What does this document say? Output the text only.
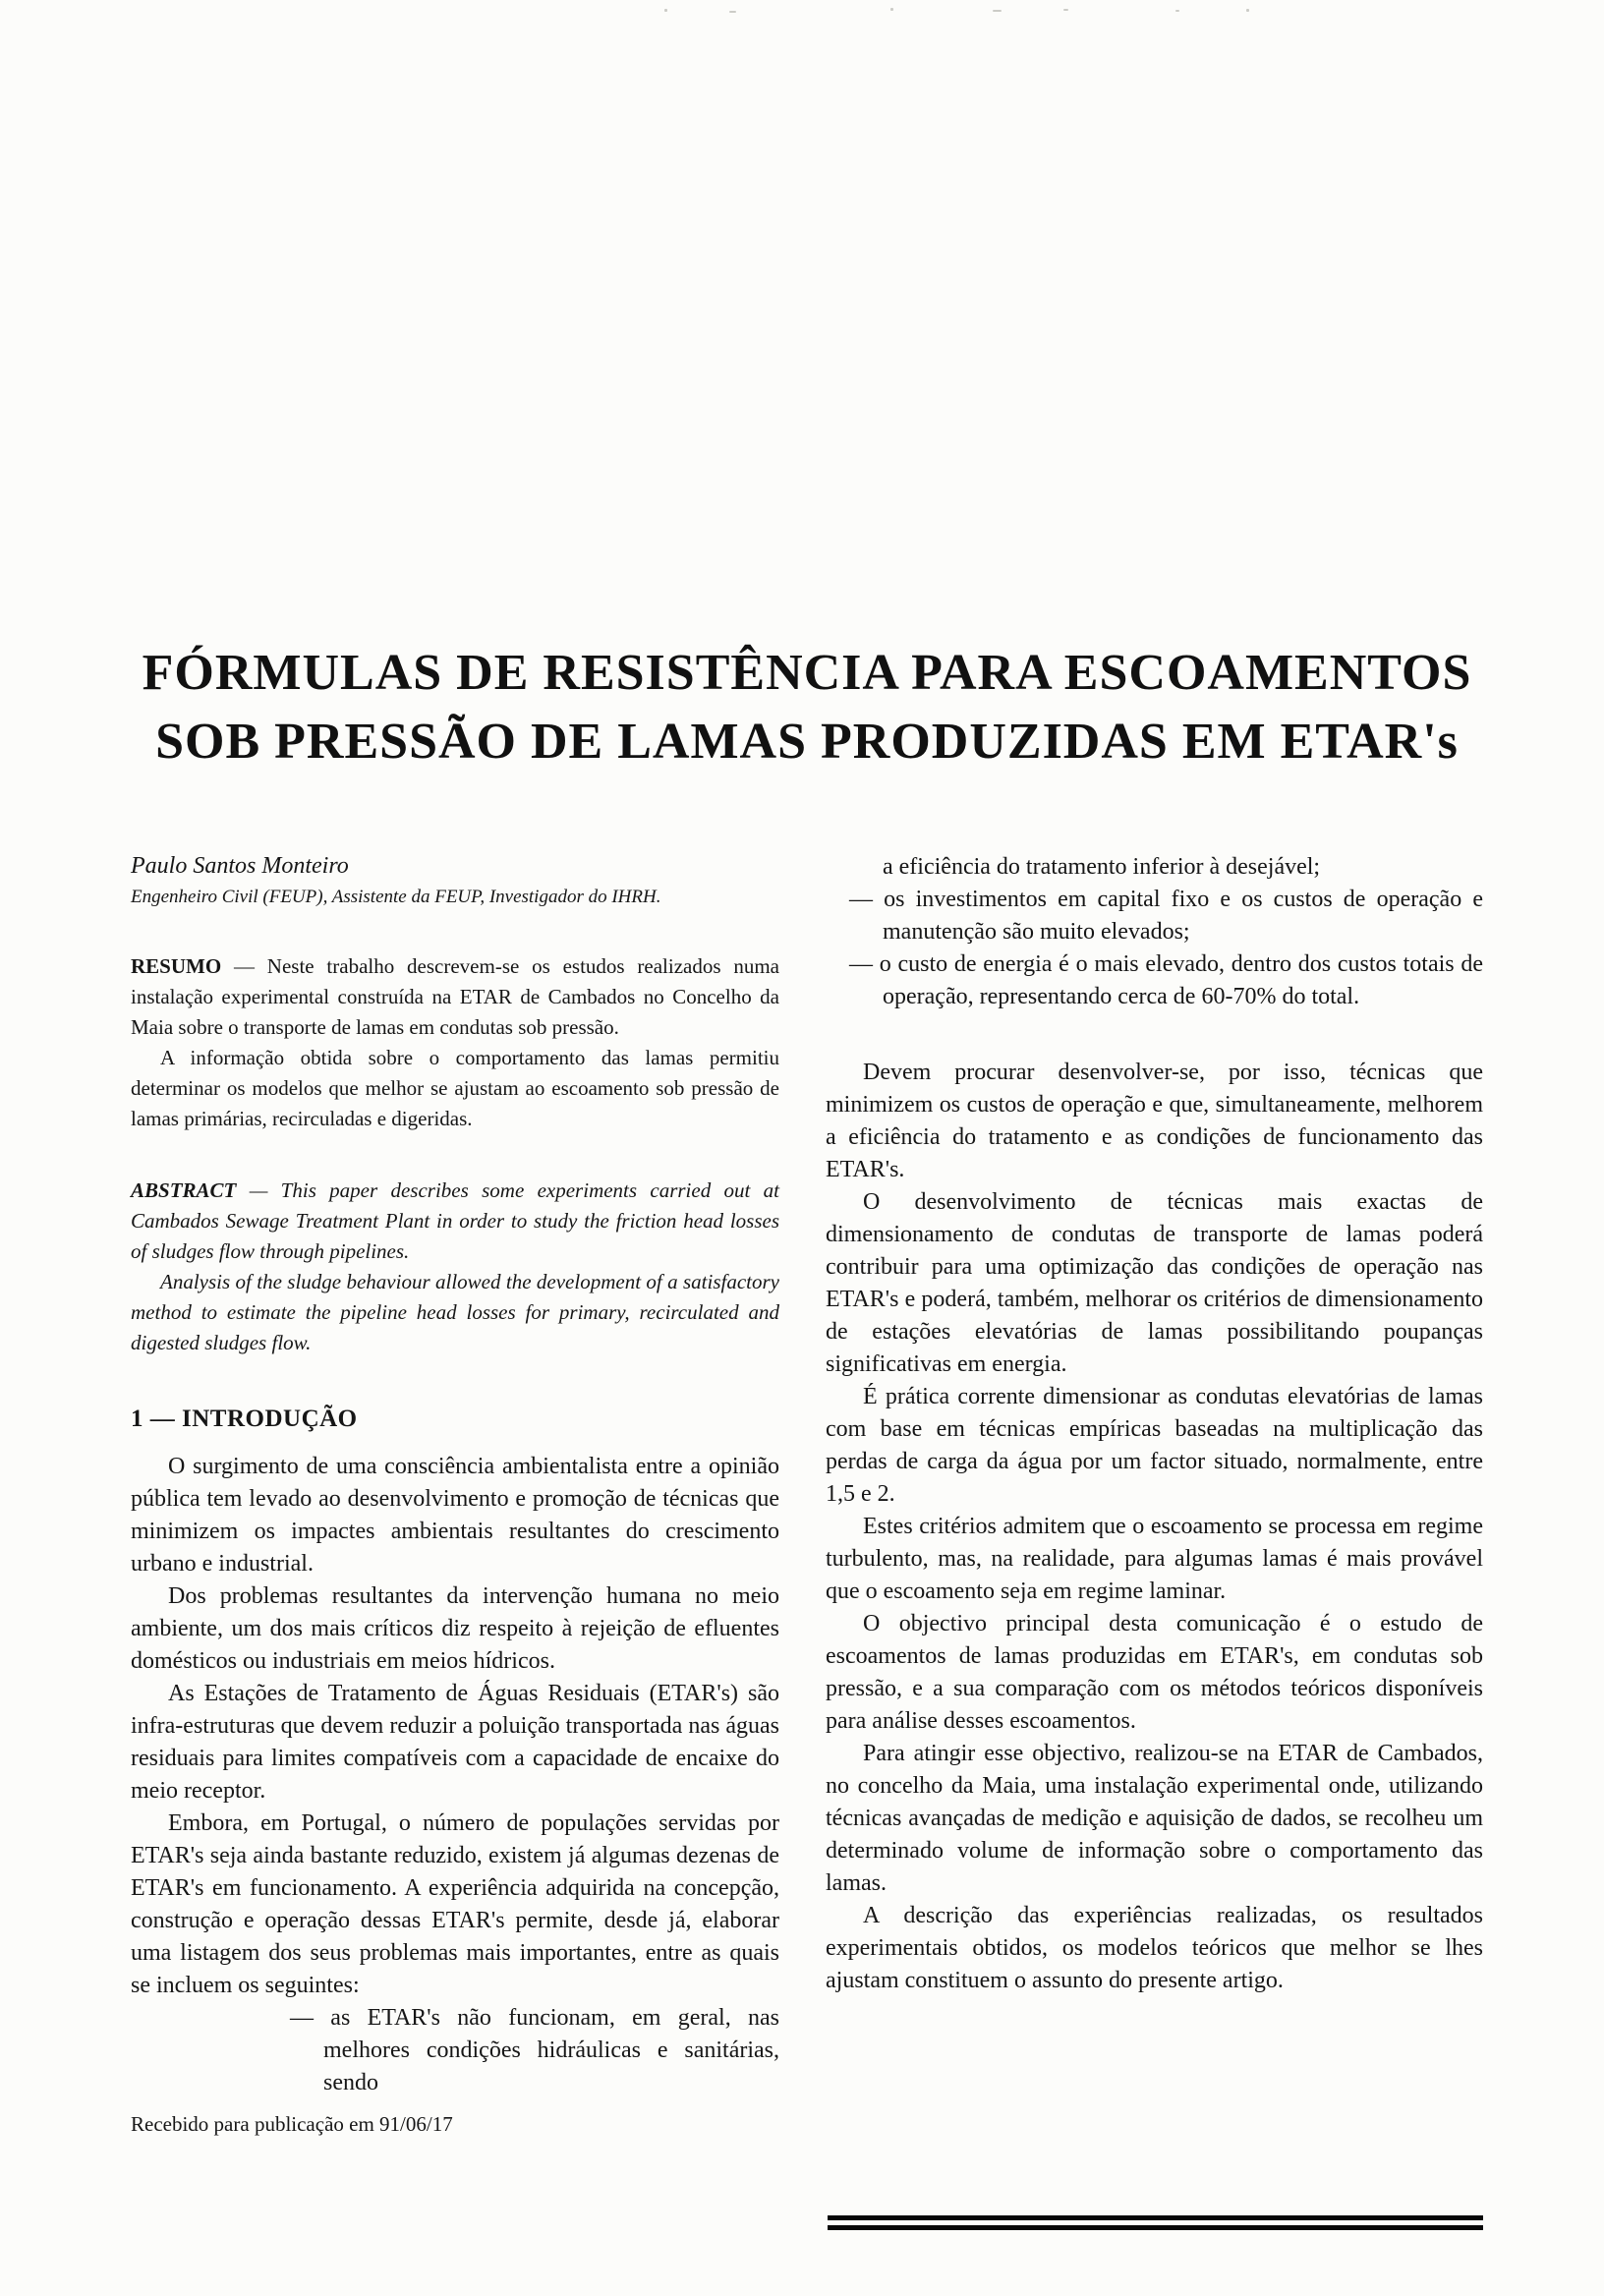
FÓRMULAS DE RESISTÊNCIA PARA ESCOAMENTOS
SOB PRESSÃO DE LAMAS PRODUZIDAS EM ETAR's

Paulo Santos Monteiro

Engenheiro Civil (FEUP), Assistente da FEUP, Investigador do IHRH.

RESUMO — Neste trabalho descrevem-se os estudos realizados numa instalação experimental construída na ETAR de Cambados no Concelho da Maia sobre o transporte de lamas em condutas sob pressão.

A informação obtida sobre o comportamento das lamas permitiu determinar os modelos que melhor se ajustam ao escoamento sob pressão de lamas primárias, recirculadas e digeridas.

ABSTRACT — This paper describes some experiments carried out at Cambados Sewage Treatment Plant in order to study the friction head losses of sludges flow through pipelines.

Analysis of the sludge behaviour allowed the development of a satisfactory method to estimate the pipeline head losses for primary, recirculated and digested sludges flow.

1 — INTRODUÇÃO

O surgimento de uma consciência ambientalista entre a opinião pública tem levado ao desenvolvimento e promoção de técnicas que minimizem os impactes ambientais resultantes do crescimento urbano e industrial.

Dos problemas resultantes da intervenção humana no meio ambiente, um dos mais críticos diz respeito à rejeição de efluentes domésticos ou industriais em meios hídricos.

As Estações de Tratamento de Águas Residuais (ETAR's) são infra-estruturas que devem reduzir a poluição transportada nas águas residuais para limites compatíveis com a capacidade de encaixe do meio receptor.

Embora, em Portugal, o número de populações servidas por ETAR's seja ainda bastante reduzido, existem já algumas dezenas de ETAR's em funcionamento. A experiência adquirida na concepção, construção e operação dessas ETAR's permite, desde já, elaborar uma listagem dos seus problemas mais importantes, entre as quais se incluem os seguintes:

— as ETAR's não funcionam, em geral, nas melhores condições hidráulicas e sanitárias, sendo

a eficiência do tratamento inferior à desejável;

— os investimentos em capital fixo e os custos de operação e manutenção são muito elevados;

— o custo de energia é o mais elevado, dentro dos custos totais de operação, representando cerca de 60-70% do total.

Devem procurar desenvolver-se, por isso, técnicas que minimizem os custos de operação e que, simultaneamente, melhorem a eficiência do tratamento e as condições de funcionamento das ETAR's.

O desenvolvimento de técnicas mais exactas de dimensionamento de condutas de transporte de lamas poderá contribuir para uma optimização das condições de operação nas ETAR's e poderá, também, melhorar os critérios de dimensionamento de estações elevatórias de lamas possibilitando poupanças significativas em energia.

É prática corrente dimensionar as condutas elevatórias de lamas com base em técnicas empíricas baseadas na multiplicação das perdas de carga da água por um factor situado, normalmente, entre 1,5 e 2.

Estes critérios admitem que o escoamento se processa em regime turbulento, mas, na realidade, para algumas lamas é mais provável que o escoamento seja em regime laminar.

O objectivo principal desta comunicação é o estudo de escoamentos de lamas produzidas em ETAR's, em condutas sob pressão, e a sua comparação com os métodos teóricos disponíveis para análise desses escoamentos.

Para atingir esse objectivo, realizou-se na ETAR de Cambados, no concelho da Maia, uma instalação experimental onde, utilizando técnicas avançadas de medição e aquisição de dados, se recolheu um determinado volume de informação sobre o comportamento das lamas.

A descrição das experiências realizadas, os resultados experimentais obtidos, os modelos teóricos que melhor se lhes ajustam constituem o assunto do presente artigo.

Recebido para publicação em 91/06/17
